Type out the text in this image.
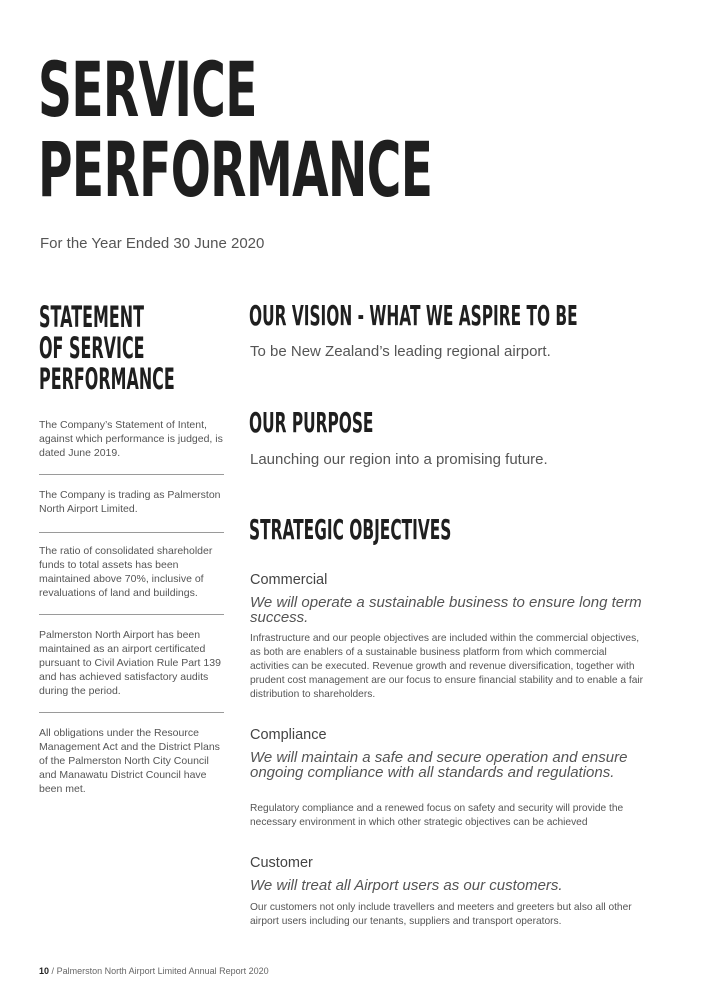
SERVICE
PERFORMANCE
For the Year Ended 30 June 2020
STATEMENT
OF SERVICE
PERFORMANCE
The Company’s Statement of Intent, against which performance is judged, is dated June 2019.
The Company is trading as Palmerston North Airport Limited.
The ratio of consolidated shareholder funds to total assets has been maintained above 70%, inclusive of revaluations of land and buildings.
Palmerston North Airport has been maintained as an airport certificated pursuant to Civil Aviation Rule Part 139 and has achieved satisfactory audits during the period.
All obligations under the Resource Management Act and the District Plans of the Palmerston North City Council and Manawatu District Council have been met.
OUR VISION - WHAT WE ASPIRE TO BE
To be New Zealand’s leading regional airport.
OUR PURPOSE
Launching our region into a promising future.
STRATEGIC OBJECTIVES
Commercial
We will operate a sustainable business to ensure long term success.
Infrastructure and our people objectives are included within the commercial objectives, as both are enablers of a sustainable business platform from which commercial activities can be executed. Revenue growth and revenue diversification, together with prudent cost management are our focus to ensure financial stability and to enable a fair distribution to shareholders.
Compliance
We will maintain a safe and secure operation and ensure ongoing compliance with all standards and regulations.
Regulatory compliance and a renewed focus on safety and security will provide the necessary environment in which other strategic objectives can be achieved
Customer
We will treat all Airport users as our customers.
Our customers not only include travellers and meeters and greeters but also all other airport users including our tenants, suppliers and transport operators.
10 / Palmerston North Airport Limited Annual Report 2020
